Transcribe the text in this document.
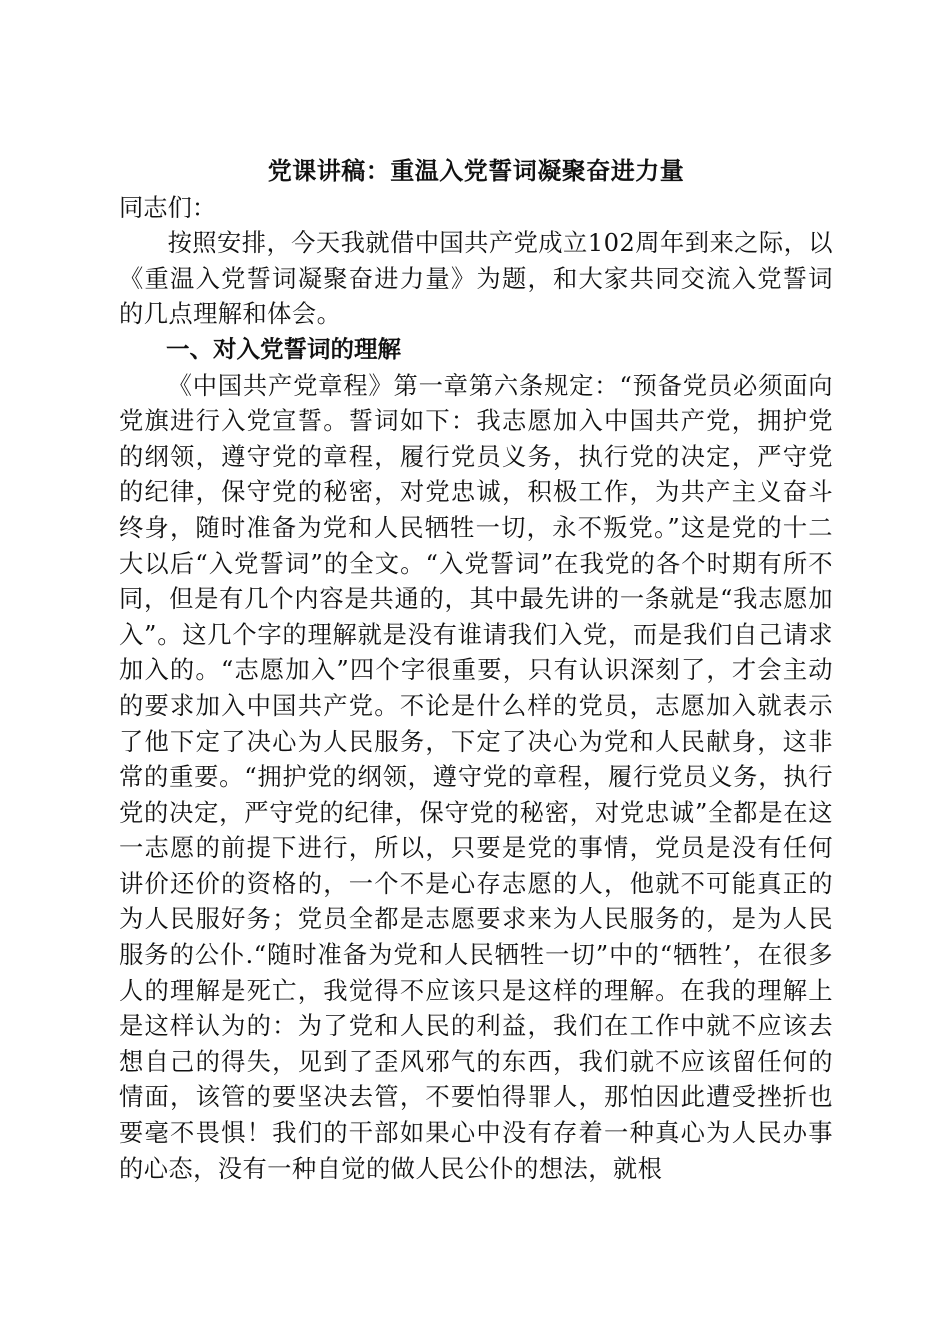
党课讲稿：重温入党誓词凝聚奋进力量

同志们：

按照安排，今天我就借中国共产党成立102周年到来之际，以《重温入党誓词凝聚奋进力量》为题，和大家共同交流入党誓词的几点理解和体会。

一、对入党誓词的理解

《中国共产党章程》第一章第六条规定：“预备党员必须面向党旗进行入党宣誓。誓词如下：我志愿加入中国共产党，拥护党的纲领，遵守党的章程，履行党员义务，执行党的决定，严守党的纪律，保守党的秘密，对党忠诚，积极工作，为共产主义奋斗终身，随时准备为党和人民牺牲一切，永不叛党。”这是党的十二大以后“入党誓词”的全文。“入党誓词”在我党的各个时期有所不同，但是有几个内容是共通的，其中最先讲的一条就是“我志愿加入”。这几个字的理解就是没有谁请我们入党，而是我们自己请求加入的。“志愿加入”四个字很重要，只有认识深刻了，才会主动的要求加入中国共产党。不论是什么样的党员，志愿加入就表示了他下定了决心为人民服务，下定了决心为党和人民献身，这非常的重要。“拥护党的纲领，遵守党的章程，履行党员义务，执行党的决定，严守党的纪律，保守党的秘密，对党忠诚”全都是在这一志愿的前提下进行，所以，只要是党的事情，党员是没有任何讲价还价的资格的，一个不是心存志愿的人，他就不可能真正的为人民服好务；党员全都是志愿要求来为人民服务的，是为人民服务的公仆.“随时准备为党和人民牺牲一切”中的“牺牲’，在很多人的理解是死亡，我觉得不应该只是这样的理解。在我的理解上是这样认为的：为了党和人民的利益，我们在工作中就不应该去想自己的得失，见到了歪风邪气的东西，我们就不应该留任何的情面，该管的要坚决去管，不要怕得罪人，那怕因此遭受挫折也要毫不畏惧！我们的干部如果心中没有存着一种真心为人民办事的心态，没有一种自觉的做人民公仆的想法，就根
